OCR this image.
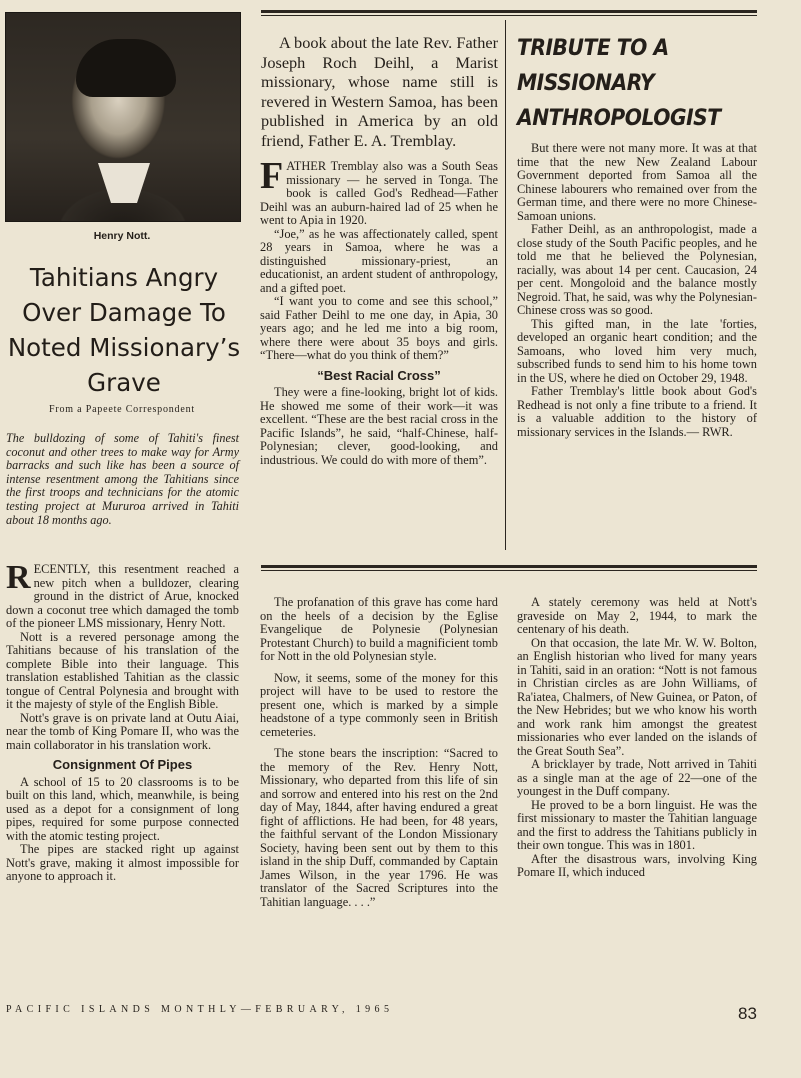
Henry Nott.
Tahitians Angry Over Damage To Noted Missionary’s Grave
From a Papeete Correspondent
The bulldozing of some of Tahiti's finest coconut and other trees to make way for Army barracks and such like has been a source of intense resentment among the Tahitians since the first troops and technicians for the atomic testing project at Mururoa arrived in Tahiti about 18 months ago.

RECENTLY, this resentment reached a new pitch when a bulldozer, clearing ground in the district of Arue, knocked down a coconut tree which damaged the tomb of the pioneer LMS missionary, Henry Nott.

Nott is a revered personage among the Tahitians because of his translation of the complete Bible into their language. This translation established Tahitian as the classic tongue of Central Polynesia and brought with it the majesty of style of the English Bible.

Nott's grave is on private land at Outu Aiai, near the tomb of King Pomare II, who was the main collaborator in his translation work.

Consignment Of Pipes

A school of 15 to 20 classrooms is to be built on this land, which, meanwhile, is being used as a depot for a consignment of long pipes, required for some purpose connected with the atomic testing project.

The pipes are stacked right up against Nott's grave, making it almost impossible for anyone to approach it.

A book about the late Rev. Father Joseph Roch Deihl, a Marist missionary, whose name still is revered in Western Samoa, has been published in America by an old friend, Father E. A. Tremblay.

FATHER Tremblay also was a South Seas missionary — he served in Tonga. The book is called God's Redhead—Father Deihl was an auburn-haired lad of 25 when he went to Apia in 1920.

“Joe,” as he was affectionately called, spent 28 years in Samoa, where he was a distinguished missionary-priest, an educationist, an ardent student of anthropology, and a gifted poet.

“I want you to come and see this school,” said Father Deihl to me one day, in Apia, 30 years ago; and he led me into a big room, where there were about 35 boys and girls. “There—what do you think of them?”

“Best Racial Cross”

They were a fine-looking, bright lot of kids. He showed me some of their work—it was excellent. “These are the best racial cross in the Pacific Islands”, he said, “half-Chinese, half-Polynesian; clever, good-looking, and industrious. We could do with more of them”.

TRIBUTE TO A MISSIONARY ANTHROPOLOGIST

But there were not many more. It was at that time that the new New Zealand Labour Government deported from Samoa all the Chinese labourers who remained over from the German time, and there were no more Chinese-Samoan unions.

Father Deihl, as an anthropologist, made a close study of the South Pacific peoples, and he told me that he believed the Polynesian, racially, was about 14 per cent. Caucasion, 24 per cent. Mongoloid and the balance mostly Negroid. That, he said, was why the Polynesian-Chinese cross was so good.

This gifted man, in the late 'forties, developed an organic heart condition; and the Samoans, who loved him very much, subscribed funds to send him to his home town in the US, where he died on October 29, 1948.

Father Tremblay's little book about God's Redhead is not only a fine tribute to a friend. It is a valuable addition to the history of missionary services in the Islands.— RWR.

The profanation of this grave has come hard on the heels of a decision by the Eglise Evangelique de Polynesie (Polynesian Protestant Church) to build a magnificient tomb for Nott in the old Polynesian style.

Now, it seems, some of the money for this project will have to be used to restore the present one, which is marked by a simple headstone of a type commonly seen in British cemeteries.

The stone bears the inscription: “Sacred to the memory of the Rev. Henry Nott, Missionary, who departed from this life of sin and sorrow and entered into his rest on the 2nd day of May, 1844, after having endured a great fight of afflictions. He had been, for 48 years, the faithful servant of the London Missionary Society, having been sent out by them to this island in the ship Duff, commanded by Captain James Wilson, in the year 1796. He was translator of the Sacred Scriptures into the Tahitian language. . . .”

A stately ceremony was held at Nott's graveside on May 2, 1944, to mark the centenary of his death.

On that occasion, the late Mr. W. W. Bolton, an English historian who lived for many years in Tahiti, said in an oration: “Nott is not famous in Christian circles as are John Williams, of Ra'iatea, Chalmers, of New Guinea, or Paton, of the New Hebrides; but we who know his worth and work rank him amongst the greatest missionaries who ever landed on the islands of the Great South Sea”.

A bricklayer by trade, Nott arrived in Tahiti as a single man at the age of 22—one of the youngest in the Duff company.

He proved to be a born linguist. He was the first missionary to master the Tahitian language and the first to address the Tahitians publicly in their own tongue. This was in 1801.

After the disastrous wars, involving King Pomare II, which induced

PACIFIC ISLANDS MONTHLY—FEBRUARY, 1965	83
